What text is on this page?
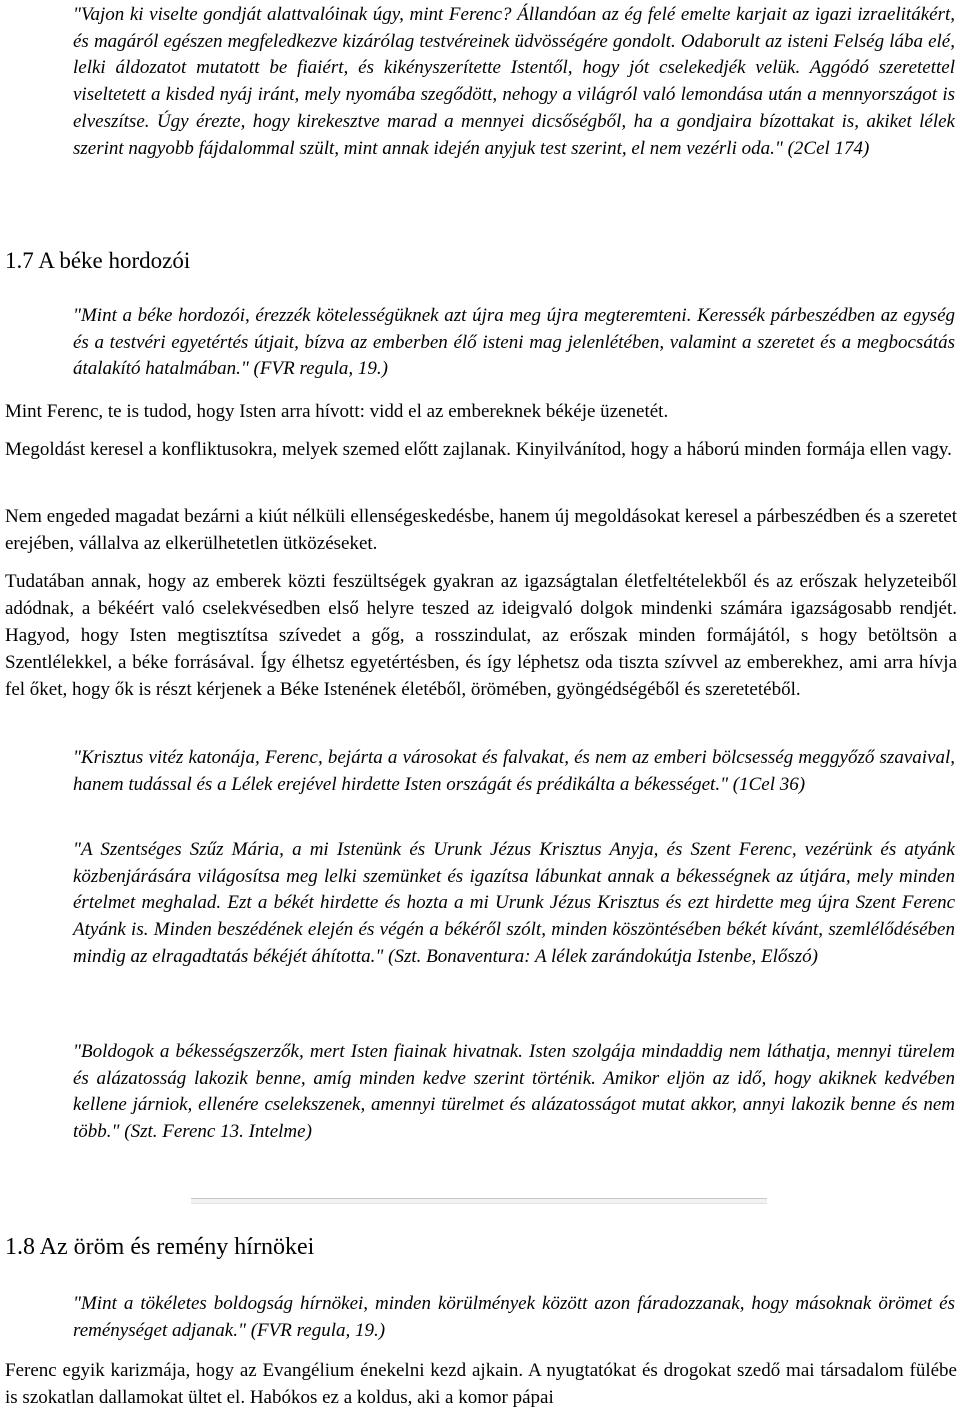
"Vajon ki viselte gondját alattvalóinak úgy, mint Ferenc? Állandóan az ég felé emelte karjait az igazi izraelitákért, és magáról egészen megfeledkezve kizárólag testvéreinek üdvösségére gondolt. Odaborult az isteni Felség lába elé, lelki áldozatot mutatott be fiaiért, és kikényszerítette Istentől, hogy jót cselekedjék velük. Aggódó szeretettel viseltetett a kisded nyáj iránt, mely nyomába szegődött, nehogy a világról való lemondása után a mennyországot is elveszítse. Úgy érezte, hogy kirekesztve marad a mennyei dicsőségből, ha a gondjaira bízottakat is, akiket lélek szerint nagyobb fájdalommal szült, mint annak idején anyjuk test szerint, el nem vezérli oda." (2Cel 174)

1.7 A béke hordozói

"Mint a béke hordozói, érezzék kötelességüknek azt újra meg újra megteremteni. Keressék párbeszédben az egység és a testvéri egyetértés útjait, bízva az emberben élő isteni mag jelenlétében, valamint a szeretet és a megbocsátás átalakító hatalmában." (FVR regula, 19.)

Mint Ferenc, te is tudod, hogy Isten arra hívott: vidd el az embereknek békéje üzenetét.

Megoldást keresel a konfliktusokra, melyek szemed előtt zajlanak. Kinyilvánítod, hogy a háború minden formája ellen vagy.

Nem engeded magadat bezárni a kiút nélküli ellenségeskedésbe, hanem új megoldásokat keresel a párbeszédben és a szeretet erejében, vállalva az elkerülhetetlen ütközéseket.

Tudatában annak, hogy az emberek közti feszültségek gyakran az igazságtalan életfeltételekből és az erőszak helyzeteiből adódnak, a békéért való cselekvésedben első helyre teszed az ideigvaló dolgok mindenki számára igazságosabb rendjét. Hagyod, hogy Isten megtisztítsa szívedet a gőg, a rosszindulat, az erőszak minden formájától, s hogy betöltsön a Szentlélekkel, a béke forrásával. Így élhetsz egyetértésben, és így léphetsz oda tiszta szívvel az emberekhez, ami arra hívja fel őket, hogy ők is részt kérjenek a Béke Istenének életéből, örömében, gyöngédségéből és szeretetéből.

"Krisztus vitéz katonája, Ferenc, bejárta a városokat és falvakat, és nem az emberi bölcsesség meggyőző szavaival, hanem tudással és a Lélek erejével hirdette Isten országát és prédikálta a békességet." (1Cel 36)

"A Szentséges Szűz Mária, a mi Istenünk és Urunk Jézus Krisztus Anyja, és Szent Ferenc, vezérünk és atyánk közbenjárására világosítsa meg lelki szemünket és igazítsa lábunkat annak a békességnek az útjára, mely minden értelmet meghalad. Ezt a békét hirdette és hozta a mi Urunk Jézus Krisztus és ezt hirdette meg újra Szent Ferenc Atyánk is. Minden beszédének elején és végén a békéről szólt, minden köszöntésében békét kívánt, szemlélődésében mindig az elragadtatás békéjét áhította." (Szt. Bonaventura: A lélek zarándokútja Istenbe, Előszó)

"Boldogok a békességszerzők, mert Isten fiainak hivatnak. Isten szolgája mindaddig nem láthatja, mennyi türelem és alázatosság lakozik benne, amíg minden kedve szerint történik. Amikor eljön az idő, hogy akiknek kedvében kellene járniok, ellenére cselekszenek, amennyi türelmet és alázatosságot mutat akkor, annyi lakozik benne és nem több." (Szt. Ferenc 13. Intelme)

1.8 Az öröm és remény hírnökei

"Mint a tökéletes boldogság hírnökei, minden körülmények között azon fáradozzanak, hogy másoknak örömet és reménységet adjanak." (FVR regula, 19.)

Ferenc egyik karizmája, hogy az Evangélium énekelni kezd ajkain. A nyugtatókat és drogokat szedő mai társadalom fülébe is szokatlan dallamokat ültet el. Habókos ez a koldus, aki a komor pápai
